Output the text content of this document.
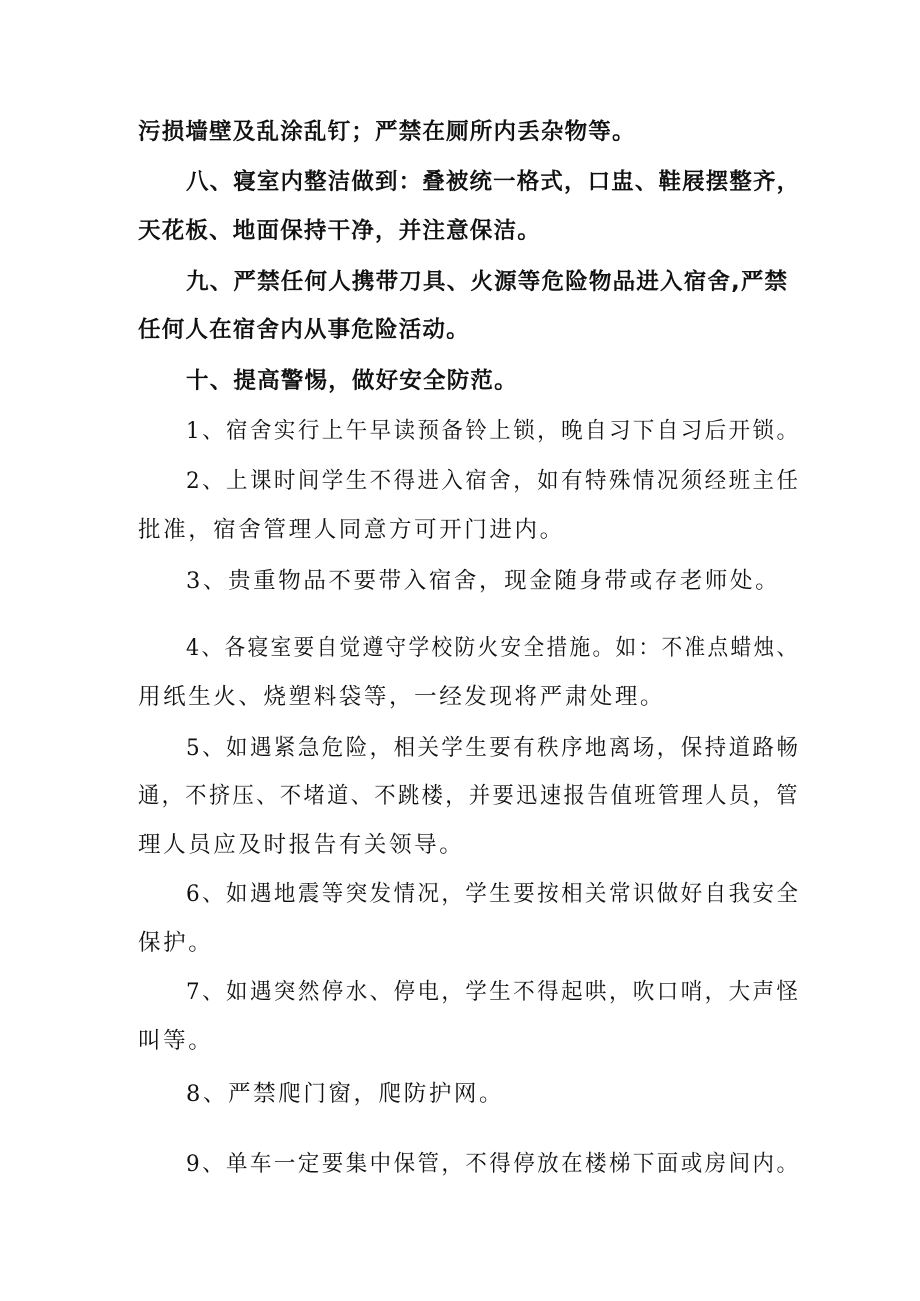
污损墙壁及乱涂乱钉；严禁在厕所内丢杂物等。
八、寝室内整洁做到：叠被统一格式，口盅、鞋屐摆整齐，
天花板、地面保持干净，并注意保洁。
九、严禁任何人携带刀具、火源等危险物品进入宿舍,严禁
任何人在宿舍内从事危险活动。
十、提高警惕，做好安全防范。
1、宿舍实行上午早读预备铃上锁，晚自习下自习后开锁。
2、上课时间学生不得进入宿舍，如有特殊情况须经班主任
批准，宿舍管理人同意方可开门进内。
3、贵重物品不要带入宿舍，现金随身带或存老师处。
4、各寝室要自觉遵守学校防火安全措施。如：不准点蜡烛、
用纸生火、烧塑料袋等，一经发现将严肃处理。
5、如遇紧急危险，相关学生要有秩序地离场，保持道路畅
通，不挤压、不堵道、不跳楼，并要迅速报告值班管理人员，管
理人员应及时报告有关领导。
6、如遇地震等突发情况，学生要按相关常识做好自我安全
保护。
7、如遇突然停水、停电，学生不得起哄，吹口哨，大声怪
叫等。
8、严禁爬门窗，爬防护网。
9、单车一定要集中保管，不得停放在楼梯下面或房间内。
